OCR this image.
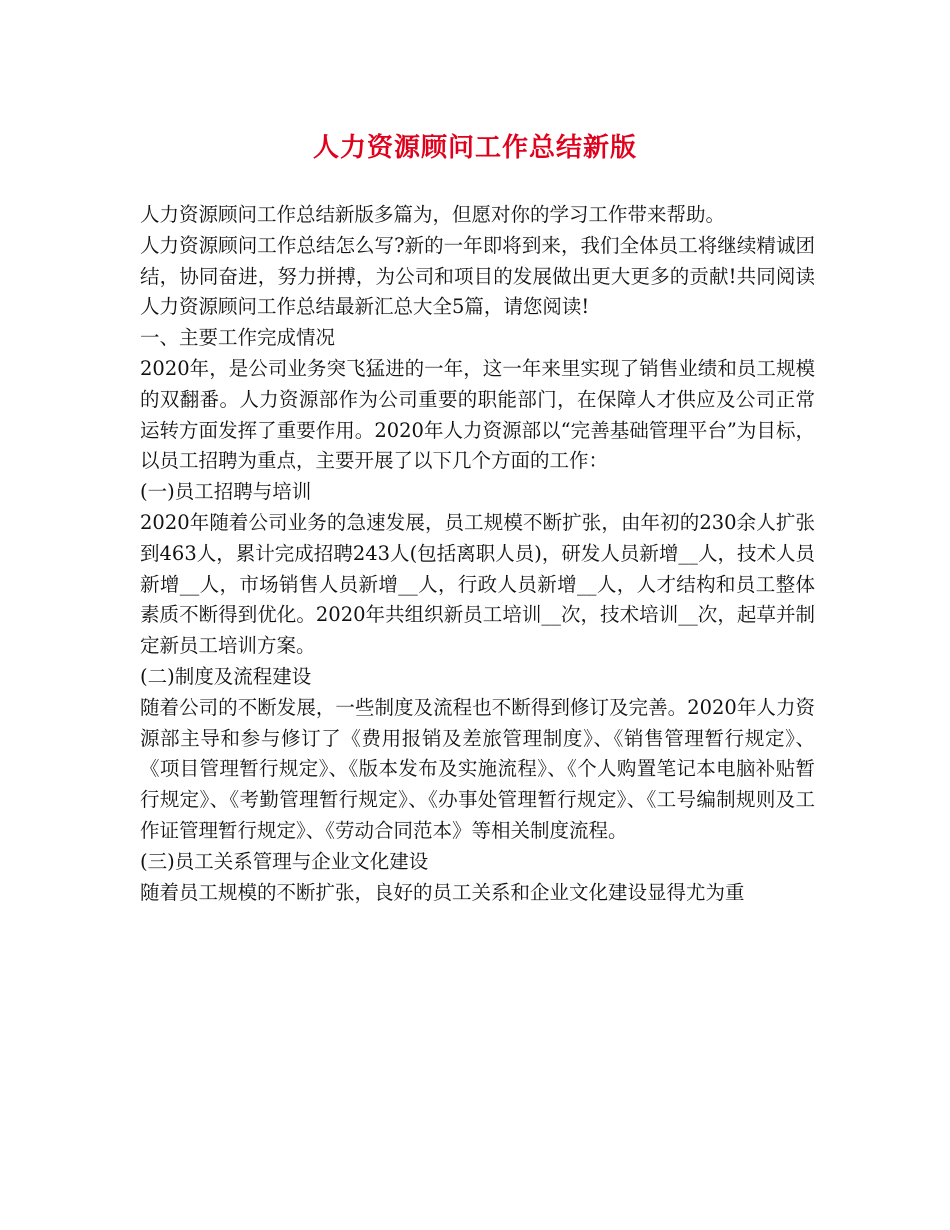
人力资源顾问工作总结新版

人力资源顾问工作总结新版多篇为，但愿对你的学习工作带来帮助。

人力资源顾问工作总结怎么写?新的一年即将到来，我们全体员工将继续精诚团结，协同奋进，努力拼搏，为公司和项目的发展做出更大更多的贡献!共同阅读人力资源顾问工作总结最新汇总大全5篇，请您阅读!

一、主要工作完成情况

2020年，是公司业务突飞猛进的一年，这一年来里实现了销售业绩和员工规模的双翻番。人力资源部作为公司重要的职能部门，在保障人才供应及公司正常运转方面发挥了重要作用。2020年人力资源部以“完善基础管理平台”为目标，以员工招聘为重点，主要开展了以下几个方面的工作：

(一)员工招聘与培训

2020年随着公司业务的急速发展，员工规模不断扩张，由年初的230余人扩张到463人，累计完成招聘243人(包括离职人员)，研发人员新增__人，技术人员新增__人，市场销售人员新增__人，行政人员新增__人，人才结构和员工整体素质不断得到优化。2020年共组织新员工培训__次，技术培训__次，起草并制定新员工培训方案。

(二)制度及流程建设

随着公司的不断发展，一些制度及流程也不断得到修订及完善。2020年人力资源部主导和参与修订了《费用报销及差旅管理制度》、《销售管理暂行规定》、《项目管理暂行规定》、《版本发布及实施流程》、《个人购置笔记本电脑补贴暂行规定》、《考勤管理暂行规定》、《办事处管理暂行规定》、《工号编制规则及工作证管理暂行规定》、《劳动合同范本》等相关制度流程。

(三)员工关系管理与企业文化建设

随着员工规模的不断扩张，良好的员工关系和企业文化建设显得尤为重
